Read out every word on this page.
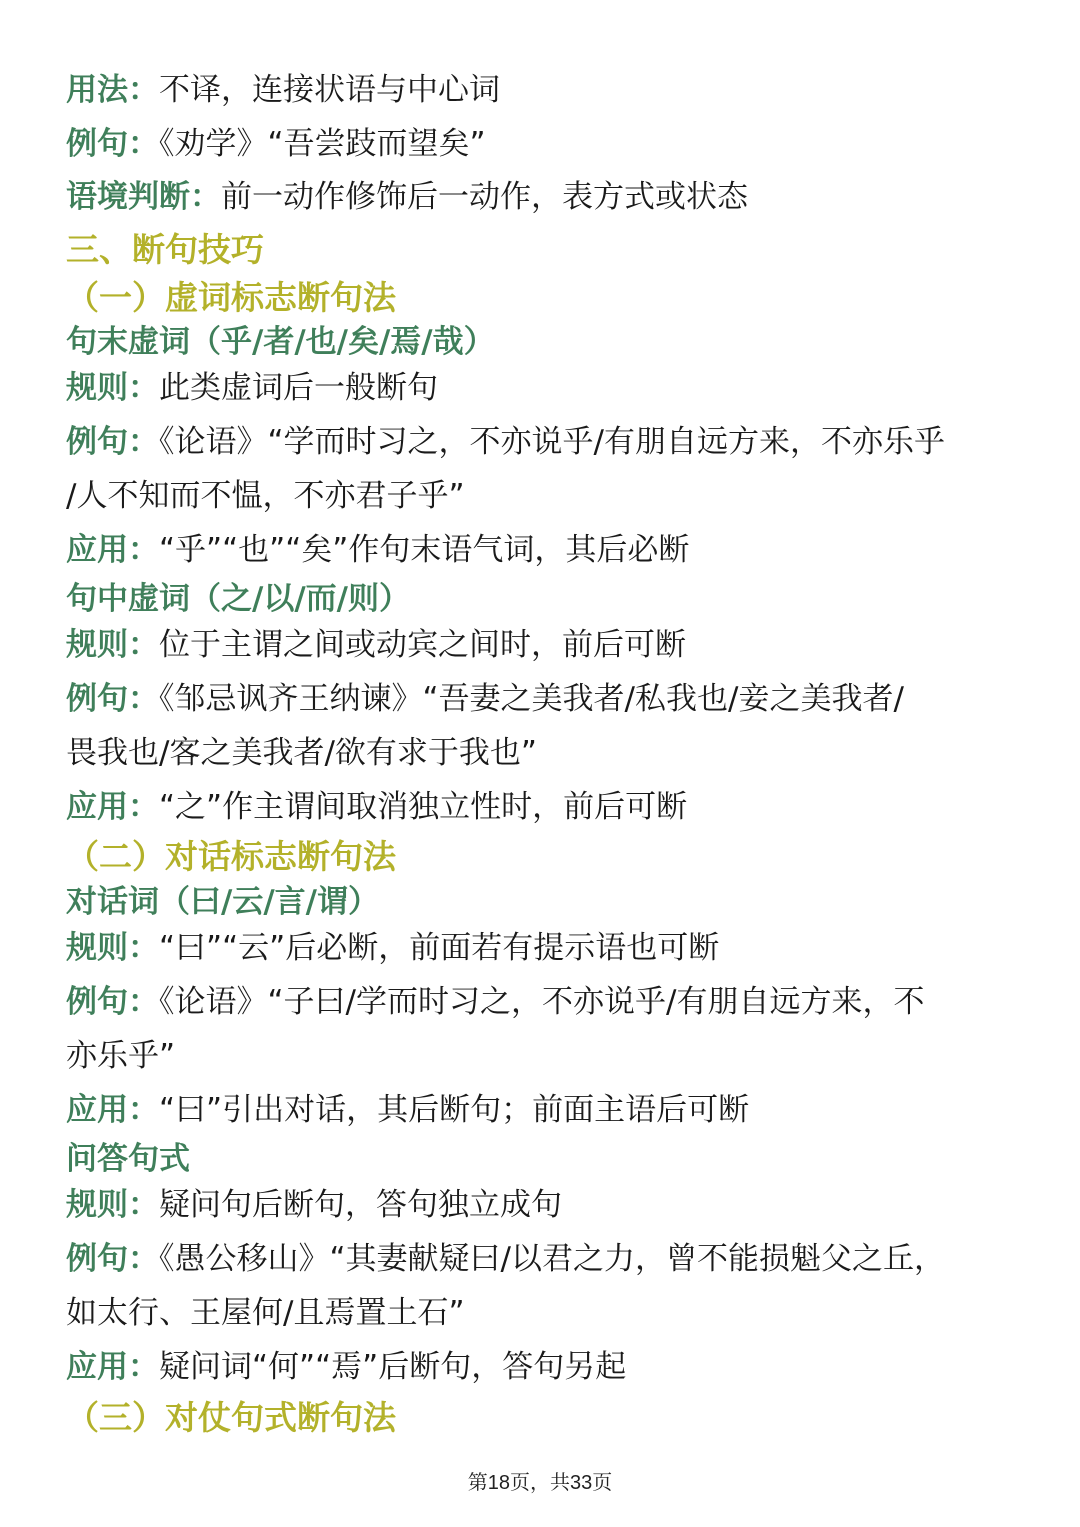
用法：不译，连接状语与中心词
例句：《劝学》“吾尝跂而望矣”
语境判断：前一动作修饰后一动作，表方式或状态
三、断句技巧
（一）虚词标志断句法
句末虚词（乎/者/也/矣/焉/哉）
规则：此类虚词后一般断句
例句：《论语》“学而时习之，不亦说乎/有朋自远方来，不亦乐乎
/人不知而不愠，不亦君子乎”
应用：“乎”“也”“矣”作句末语气词，其后必断
句中虚词（之/以/而/则）
规则：位于主谓之间或动宾之间时，前后可断
例句：《邹忌讽齐王纳谏》“吾妻之美我者/私我也/妾之美我者/
畏我也/客之美我者/欲有求于我也”
应用：“之”作主谓间取消独立性时，前后可断
（二）对话标志断句法
对话词（曰/云/言/谓）
规则：“曰”“云”后必断，前面若有提示语也可断
例句：《论语》“子曰/学而时习之，不亦说乎/有朋自远方来，不
亦乐乎”
应用：“曰”引出对话，其后断句；前面主语后可断
问答句式
规则：疑问句后断句，答句独立成句
例句：《愚公移山》“其妻献疑曰/以君之力，曾不能损魁父之丘，
如太行、王屋何/且焉置土石”
应用：疑问词“何”“焉”后断句，答句另起
（三）对仗句式断句法
第18页，共33页
